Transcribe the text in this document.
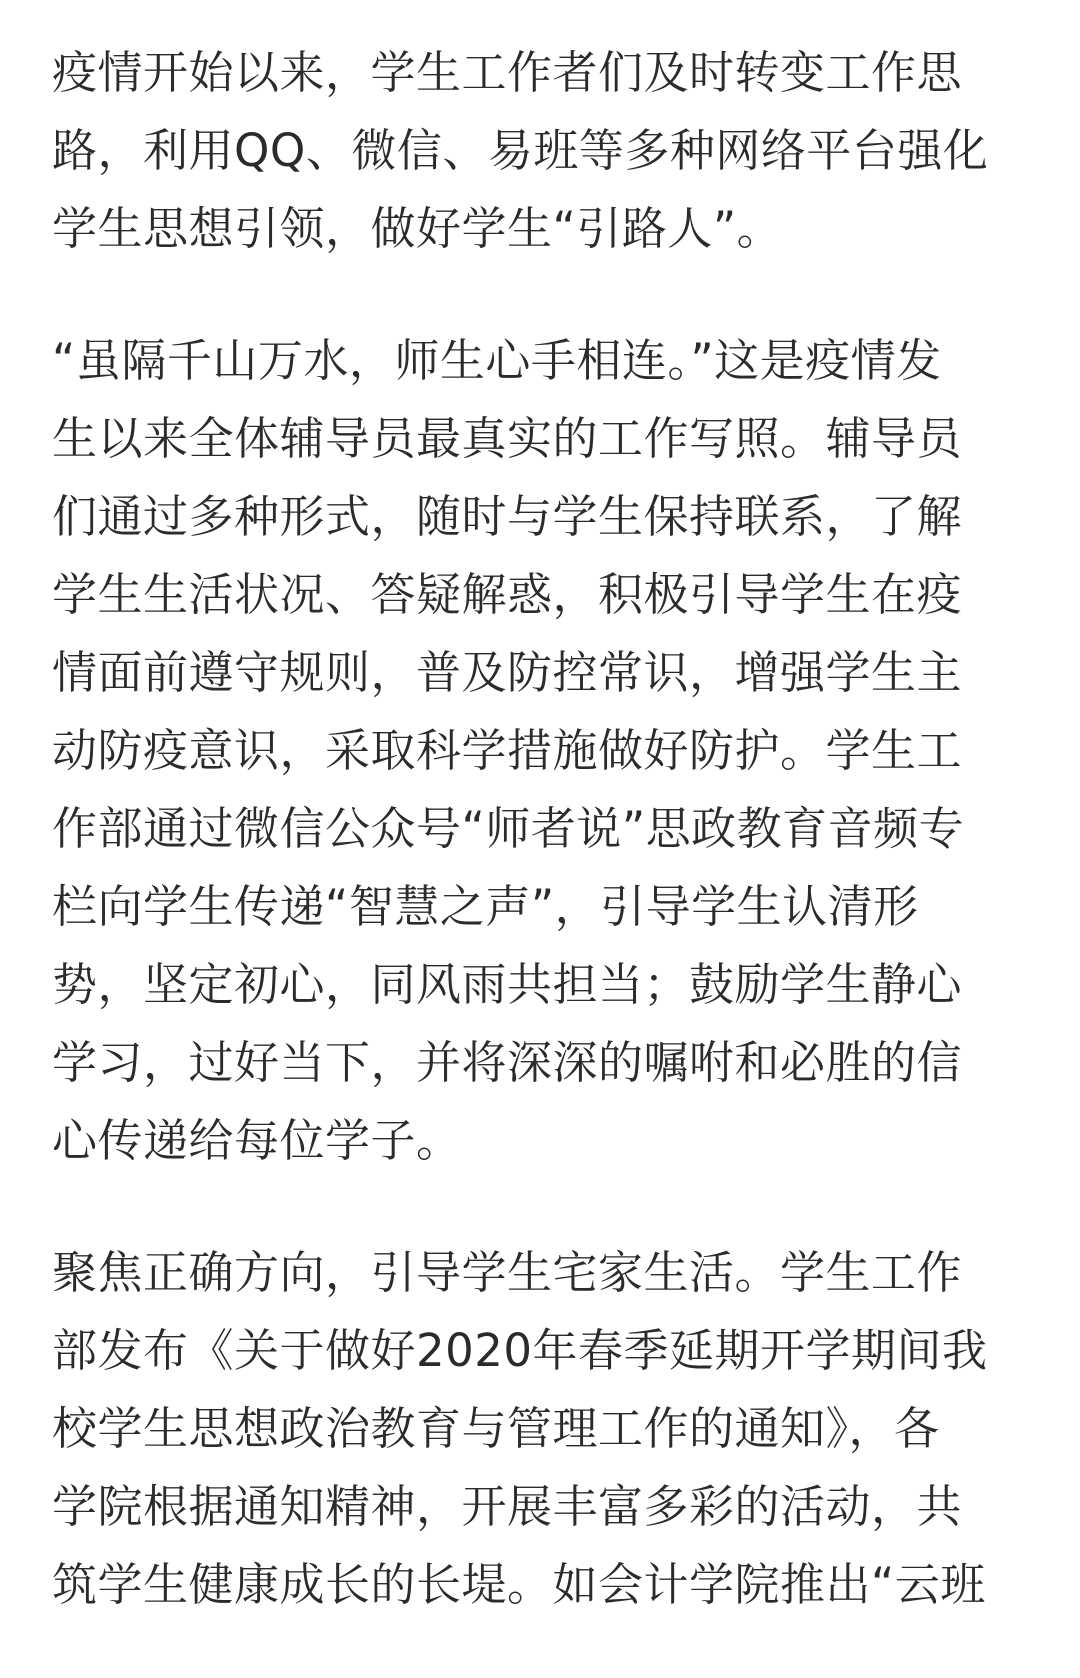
疫情开始以来，学生工作者们及时转变工作思
路，利用QQ、微信、易班等多种网络平台强化
学生思想引领，做好学生“引路人”。
“虽隔千山万水，师生心手相连。”这是疫情发
生以来全体辅导员最真实的工作写照。辅导员
们通过多种形式，随时与学生保持联系，了解
学生生活状况、答疑解惑，积极引导学生在疫
情面前遵守规则，普及防控常识，增强学生主
动防疫意识，采取科学措施做好防护。学生工
作部通过微信公众号“师者说”思政教育音频专
栏向学生传递“智慧之声”，引导学生认清形
势，坚定初心，同风雨共担当；鼓励学生静心
学习，过好当下，并将深深的嘱咐和必胜的信
心传递给每位学子。
聚焦正确方向，引导学生宅家生活。学生工作
部发布《关于做好2020年春季延期开学期间我
校学生思想政治教育与管理工作的通知》，各
学院根据通知精神，开展丰富多彩的活动，共
筑学生健康成长的长堤。如会计学院推出“云班
